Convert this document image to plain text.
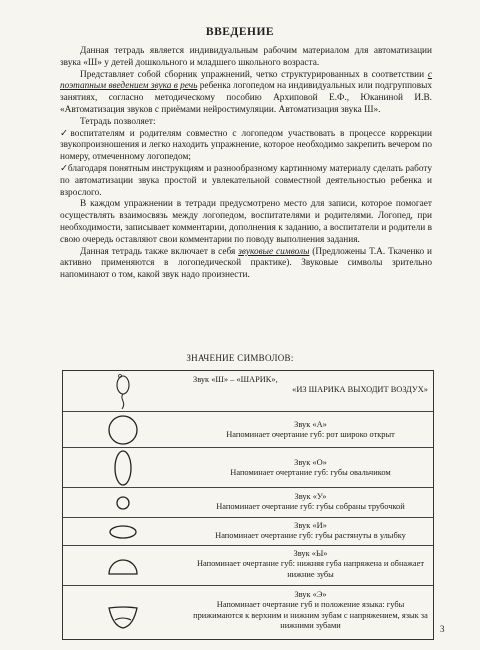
ВВЕДЕНИЕ

Данная тетрадь является индивидуальным рабочим материалом для автоматизации звука «Ш» у детей дошкольного и младшего школьного возраста.

Представляет собой сборник упражнений, четко структурированных в соответствии с поэтапным введением звука в речь ребенка логопедом на индивидуальных или подгрупповых занятиях, согласно методическому пособию Архиповой Е.Ф., Юканиной И.В. «Автоматизация звуков с приёмами нейростимуляции. Автоматизация звука Ш».

Тетрадь позволяет:

✓воспитателям и родителям совместно с логопедом участвовать в процессе коррекции звукопроизношения и легко находить упражнение, которое необходимо закрепить вечером по номеру, отмеченному логопедом;

✓благодаря понятным инструкциям и разнообразному картинному материалу сделать работу по автоматизации звука простой и увлекательной совместной деятельностью ребенка и взрослого.

В каждом упражнении в тетради предусмотрено место для записи, которое помогает осуществлять взаимосвязь между логопедом, воспитателями и родителями. Логопед, при необходимости, записывает комментарии, дополнения к заданию, а воспитатели и родители в свою очередь оставляют свои комментарии по поводу выполнения задания.

Данная тетрадь также включает в себя звуковые символы (Предложены Т.А. Ткаченко и активно применяются в логопедической практике). Звуковые символы зрительно напоминают о том, какой звук надо произнести.

ЗНАЧЕНИЕ СИМВОЛОВ:
Звук «Ш» – «ШАРИК»,
«ИЗ ШАРИКА ВЫХОДИТ ВОЗДУХ»
Звук «А»
Напоминает очертание губ: рот широко открыт
Звук «О»
Напоминает очертание губ: губы овальчиком
Звук «У»
Напоминает очертание губ: губы собраны трубочкой
Звук «И»
Напоминает очертание губ: губы растянуты в улыбку
Звук «Ы»
Напоминает очертание губ: нижняя губа напряжена и обнажает нижние зубы
Звук «Э»
Напоминает очертание губ и положение языка: губы прижимаются к верхним и нижним зубам с напряжением, язык за нижними зубами	3
